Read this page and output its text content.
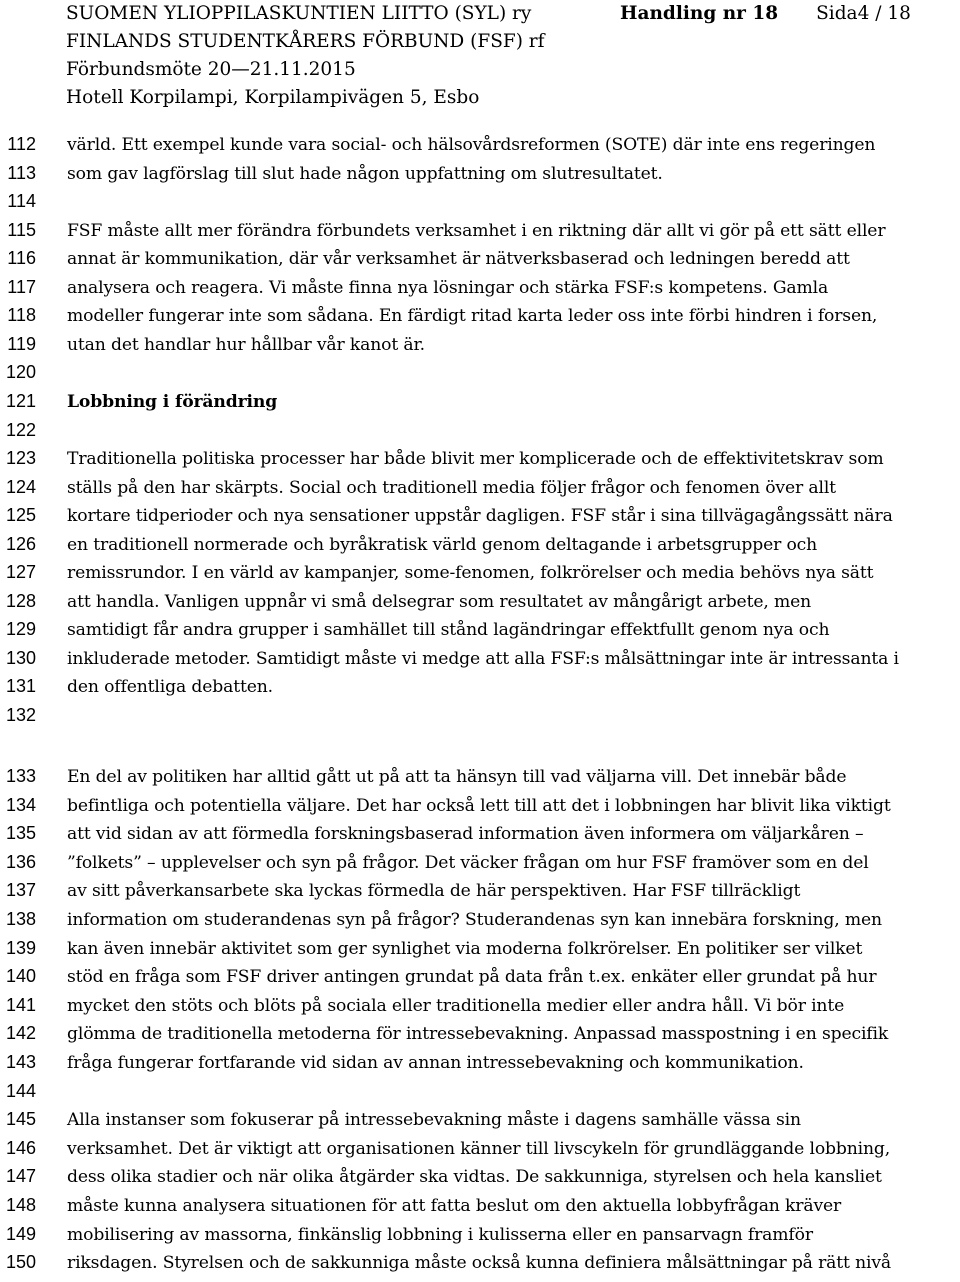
SUOMEN YLIOPPILASKUNTIEN LIITTO (SYL) ry
FINLANDS STUDENTKÅRERS FÖRBUND (FSF) rf
Förbundsmöte 20—21.11.2015
Hotell Korpilampi, Korpilampivägen 5, Esbo
Handling nr 18 Sida4 / 18
112
113
114
115
116
117
118
119
120
121
122
123
124
125
126
127
128
129
130
131
132
133
134
135
136
137
138
139
140
141
142
143
144
145
146
147
148
149
150
värld. Ett exempel kunde vara social- och hälsovårdsreformen (SOTE) där inte ens regeringen
som gav lagförslag till slut hade någon uppfattning om slutresultatet.
FSF måste allt mer förändra förbundets verksamhet i en riktning där allt vi gör på ett sätt eller
annat är kommunikation, där vår verksamhet är nätverksbaserad och ledningen beredd att
analysera och reagera. Vi måste finna nya lösningar och stärka FSF:s kompetens. Gamla
modeller fungerar inte som sådana. En färdigt ritad karta leder oss inte förbi hindren i forsen,
utan det handlar hur hållbar vår kanot är.
Lobbning i förändring
Traditionella politiska processer har både blivit mer komplicerade och de effektivitetskrav som
ställs på den har skärpts. Social och traditionell media följer frågor och fenomen över allt
kortare tidperioder och nya sensationer uppstår dagligen. FSF står i sina tillvägagångssätt nära
en traditionell normerade och byråkratisk värld genom deltagande i arbetsgrupper och
remissrundor. I en värld av kampanjer, some-fenomen, folkrörelser och media behövs nya sätt
att handla. Vanligen uppnår vi små delsegrar som resultatet av mångårigt arbete, men
samtidigt får andra grupper i samhället till stånd lagändringar effektfullt genom nya och
inkluderade metoder. Samtidigt måste vi medge att alla FSF:s målsättningar inte är intressanta i
den offentliga debatten.
En del av politiken har alltid gått ut på att ta hänsyn till vad väljarna vill. Det innebär både
befintliga och potentiella väljare. Det har också lett till att det i lobbningen har blivit lika viktigt
att vid sidan av att förmedla forskningsbaserad information även informera om väljarkåren –
”folkets” – upplevelser och syn på frågor. Det väcker frågan om hur FSF framöver som en del
av sitt påverkansarbete ska lyckas förmedla de här perspektiven. Har FSF tillräckligt
information om studerandenas syn på frågor? Studerandenas syn kan innebära forskning, men
kan även innebär aktivitet som ger synlighet via moderna folkrörelser. En politiker ser vilket
stöd en fråga som FSF driver antingen grundat på data från t.ex. enkäter eller grundat på hur
mycket den stöts och blöts på sociala eller traditionella medier eller andra håll. Vi bör inte
glömma de traditionella metoderna för intressebevakning. Anpassad masspostning i en specifik
fråga fungerar fortfarande vid sidan av annan intressebevakning och kommunikation.
Alla instanser som fokuserar på intressebevakning måste i dagens samhälle vässa sin
verksamhet. Det är viktigt att organisationen känner till livscykeln för grundläggande lobbning,
dess olika stadier och när olika åtgärder ska vidtas. De sakkunniga, styrelsen och hela kansliet
måste kunna analysera situationen för att fatta beslut om den aktuella lobbyfrågan kräver
mobilisering av massorna, finkänslig lobbning i kulisserna eller en pansarvagn framför
riksdagen. Styrelsen och de sakkunniga måste också kunna definiera målsättningar på rätt nivå
